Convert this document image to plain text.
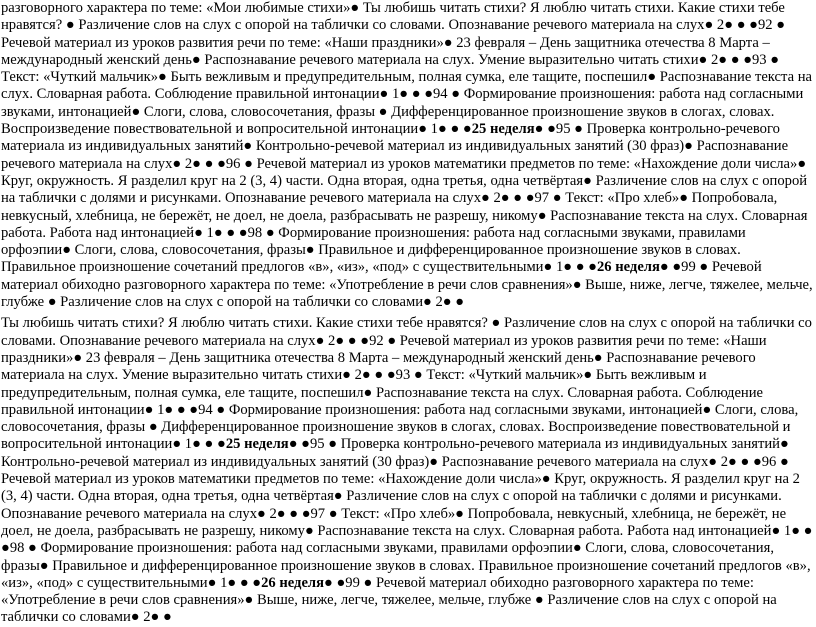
разговорного характера по теме: «Мои любимые стихи»● Ты любишь читать стихи? Я люблю читать стихи. Какие стихи тебе нравятся? ● Различение слов на слух с опорой на таблички со словами. Опознавание речевого материала на слух● 2● ● ●92 ● Речевой материал из уроков развития речи по теме: «Наши праздники»● 23 февраля – День защитника отечества 8 Марта – международный женский день● Распознавание речевого материала на слух. Умение выразительно читать стихи● 2● ● ●93 ● Текст: «Чуткий мальчик»● Быть вежливым и предупредительным, полная сумка, еле тащите, поспешил● Распознавание текста на слух. Словарная работа. Соблюдение правильной интонации● 1● ● ●94 ● Формирование произношения: работа над согласными звуками, интонацией● Слоги, слова, словосочетания, фразы ● Дифференцированное произношение звуков в слогах, словах. Воспроизведение повествовательной и вопросительной интонации● 1● ● ●25 неделя● ●95 ● Проверка контрольно-речевого материала из индивидуальных занятий● Контрольно-речевой материал из индивидуальных занятий (30 фраз)● Распознавание речевого материала на слух● 2● ● ●96 ● Речевой материал из уроков математики предметов по теме: «Нахождение доли числа»● Круг, окружность. Я разделил круг на 2 (3, 4) части. Одна вторая, одна третья, одна четвёртая● Различение слов на слух с опорой на таблички с долями и рисунками. Опознавание речевого материала на слух● 2● ● ●97 ● Текст: «Про хлеб»● Попробовала, невкусный, хлебница, не бережёт, не доел, не доела, разбрасывать не разрешу, никому● Распознавание текста на слух. Словарная работа. Работа над интонацией● 1● ● ●98 ● Формирование произношения: работа над согласными звуками, правилами орфоэпии● Слоги, слова, словосочетания, фразы● Правильное и дифференцированное произношение звуков в словах. Правильное произношение сочетаний предлогов «в», «из», «под» с существительными● 1● ● ●26 неделя● ●99 ● Речевой материал обиходно разговорного характера по теме: «Употребление в речи слов сравнения»● Выше, ниже, легче, тяжелее, мельче, глубже ● Различение слов на слух с опорой на таблички со словами● 2● ●

Ты любишь читать стихи? Я люблю читать стихи. Какие стихи тебе нравятся? ● Различение слов на слух с опорой на таблички со словами. Опознавание речевого материала на слух● 2● ● ●92 ● Речевой материал из уроков развития речи по теме: «Наши праздники»● 23 февраля – День защитника отечества 8 Марта – международный женский день● Распознавание речевого материала на слух. Умение выразительно читать стихи● 2● ● ●93 ● Текст: «Чуткий мальчик»● Быть вежливым и предупредительным, полная сумка, еле тащите, поспешил● Распознавание текста на слух. Словарная работа. Соблюдение правильной интонации● 1● ● ●94 ● Формирование произношения: работа над согласными звуками, интонацией● Слоги, слова, словосочетания, фразы ● Дифференцированное произношение звуков в слогах, словах. Воспроизведение повествовательной и вопросительной интонации● 1● ● ●25 неделя● ●95 ● Проверка контрольно-речевого материала из индивидуальных занятий● Контрольно-речевой материал из индивидуальных занятий (30 фраз)● Распознавание речевого материала на слух● 2● ● ●96 ● Речевой материал из уроков математики предметов по теме: «Нахождение доли числа»● Круг, окружность. Я разделил круг на 2 (3, 4) части. Одна вторая, одна третья, одна четвёртая● Различение слов на слух с опорой на таблички с долями и рисунками. Опознавание речевого материала на слух● 2● ● ●97 ● Текст: «Про хлеб»● Попробовала, невкусный, хлебница, не бережёт, не доел, не доела, разбрасывать не разрешу, никому● Распознавание текста на слух. Словарная работа. Работа над интонацией● 1● ● ●98 ● Формирование произношения: работа над согласными звуками, правилами орфоэпии● Слоги, слова, словосочетания, фразы● Правильное и дифференцированное произношение звуков в словах. Правильное произношение сочетаний предлогов «в», «из», «под» с существительными● 1● ● ●26 неделя● ●99 ● Речевой материал обиходно разговорного характера по теме: «Употребление в речи слов сравнения»● Выше, ниже, легче, тяжелее, мельче, глубже ● Различение слов на слух с опорой на таблички со словами● 2● ●
